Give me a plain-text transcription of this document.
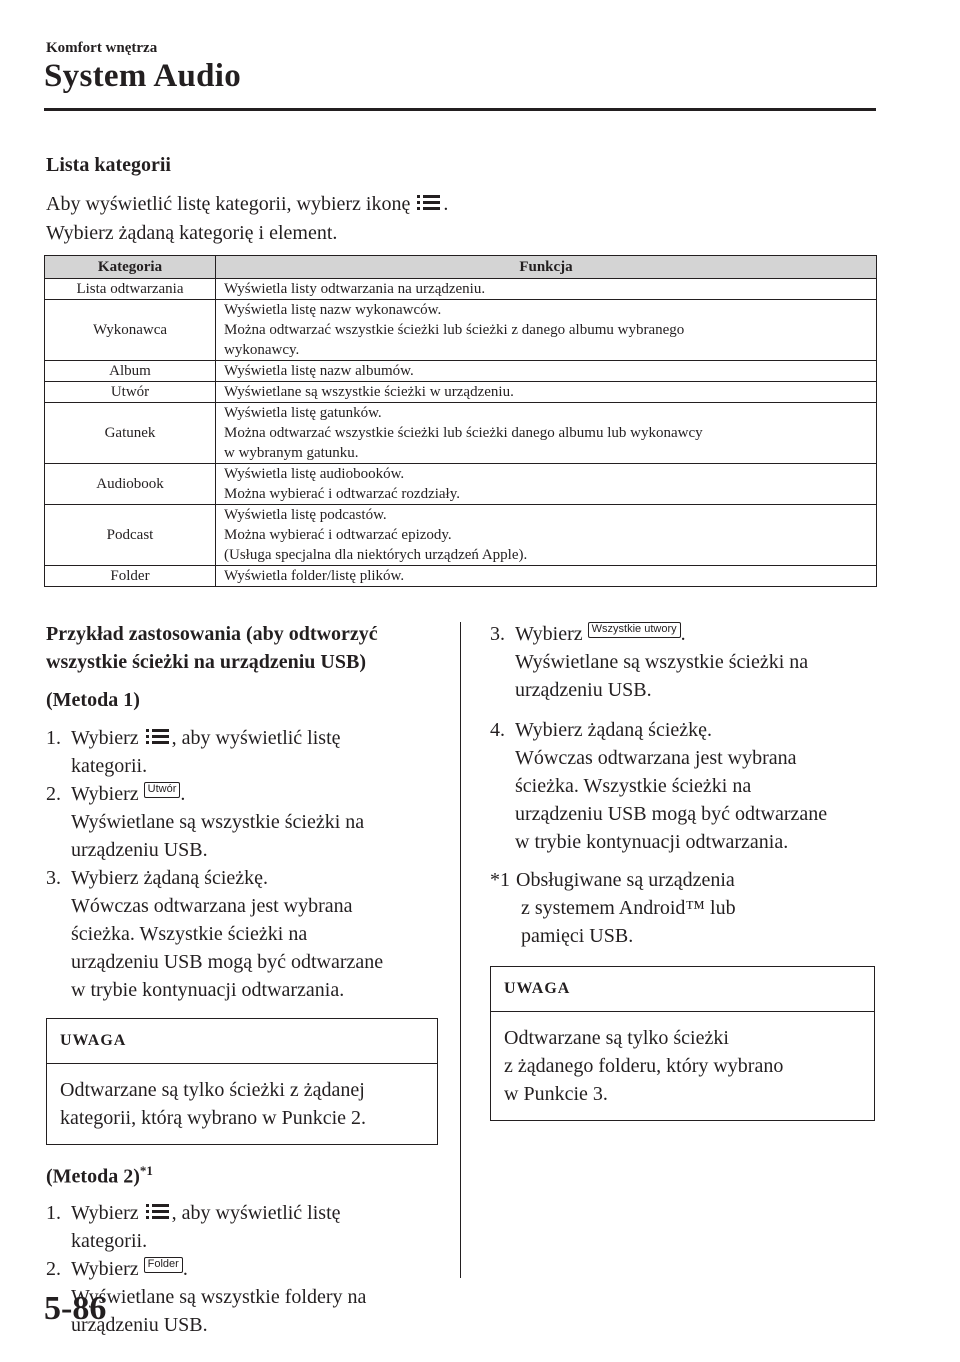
Komfort wnętrza
System Audio
Lista kategorii
Aby wyświetlić listę kategorii, wybierz ikonę .
Wybierz żądaną kategorię i element.
Kategoria	Funkcja
Lista odtwarzania	Wyświetla listy odtwarzania na urządzeniu.

Wykonawca	Wyświetla listę nazw wykonawców.
Można odtwarzać wszystkie ścieżki lub ścieżki z danego albumu wybranego
wykonawcy.

Album	Wyświetla listę nazw albumów.

Utwór	Wyświetlane są wszystkie ścieżki w urządzeniu.

Gatunek	Wyświetla listę gatunków.
Można odtwarzać wszystkie ścieżki lub ścieżki danego albumu lub wykonawcy
w wybranym gatunku.

Audiobook	Wyświetla listę audiobooków.
Można wybierać i odtwarzać rozdziały.

Podcast	Wyświetla listę podcastów.
Można wybierać i odtwarzać epizody.
(Usługa specjalna dla niektórych urządzeń Apple).

Folder	Wyświetla folder/listę plików.
Przykład zastosowania (aby odtworzyć
wszystkie ścieżki na urządzeniu USB)
(Metoda 1)
1. Wybierz , aby wyświetlić listę
kategorii.
2. Wybierz Utwór .
Wyświetlane są wszystkie ścieżki na
urządzeniu USB.
3. Wybierz żądaną ścieżkę.
Wówczas odtwarzana jest wybrana
ścieżka. Wszystkie ścieżki na
urządzeniu USB mogą być odtwarzane
w trybie kontynuacji odtwarzania.
UWAGA
Odtwarzane są tylko ścieżki z żądanej
kategorii, którą wybrano w Punkcie 2.
(Metoda 2)$^{*1}$
1. Wybierz , aby wyświetlić listę
kategorii.
2. Wybierz Folder .
Wyświetlane są wszystkie foldery na
urządzeniu USB.
3. Wybierz Wszystkie utwory .
Wyświetlane są wszystkie ścieżki na
urządzeniu USB.
4. Wybierz żądaną ścieżkę.
Wówczas odtwarzana jest wybrana
ścieżka. Wszystkie ścieżki na
urządzeniu USB mogą być odtwarzane
w trybie kontynuacji odtwarzania.
*1 Obsługiwane są urządzenia
z systemem Android™ lub
pamięci USB.
UWAGA
Odtwarzane są tylko ścieżki
z żądanego folderu, który wybrano
w Punkcie 3.
5-86
